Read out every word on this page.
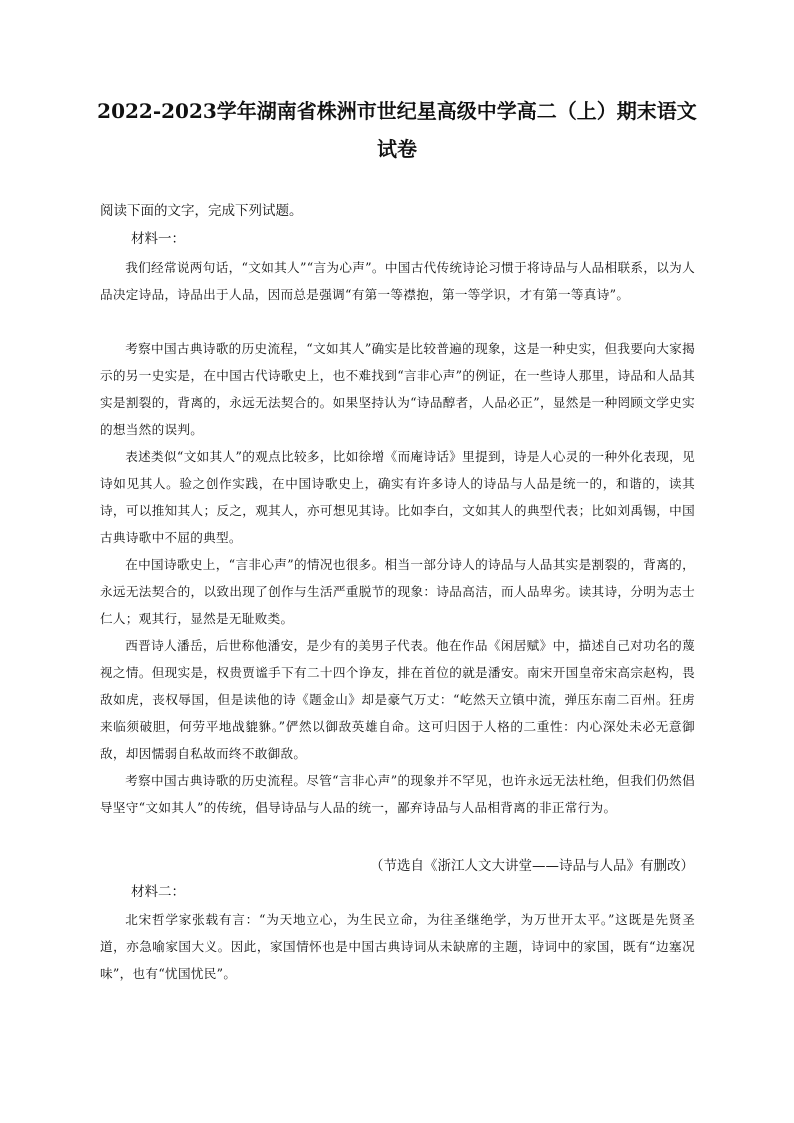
2022-2023学年湖南省株洲市世纪星高级中学高二（上）期末语文试卷

阅读下面的文字，完成下列试题。

材料一：

我们经常说两句话，“文如其人”“言为心声”。中国古代传统诗论习惯于将诗品与人品相联系，以为人品决定诗品，诗品出于人品，因而总是强调“有第一等襟抱，第一等学识，才有第一等真诗”。

考察中国古典诗歌的历史流程，“文如其人”确实是比较普遍的现象，这是一种史实，但我要向大家揭示的另一史实是，在中国古代诗歌史上，也不难找到“言非心声”的例证，在一些诗人那里，诗品和人品其实是割裂的，背离的，永远无法契合的。如果坚持认为“诗品醇者，人品必正”，显然是一种罔顾文学史实的想当然的误判。

表述类似“文如其人”的观点比较多，比如徐增《而庵诗话》里提到，诗是人心灵的一种外化表现，见诗如见其人。验之创作实践，在中国诗歌史上，确实有许多诗人的诗品与人品是统一的，和谐的，读其诗，可以推知其人；反之，观其人，亦可想见其诗。比如李白，文如其人的典型代表；比如刘禹锡，中国古典诗歌中不屈的典型。

在中国诗歌史上，“言非心声”的情况也很多。相当一部分诗人的诗品与人品其实是割裂的，背离的，永远无法契合的，以致出现了创作与生活严重脱节的现象：诗品高洁，而人品卑劣。读其诗，分明为志士仁人；观其行，显然是无耻败类。

西晋诗人潘岳，后世称他潘安，是少有的美男子代表。他在作品《闲居赋》中，描述自己对功名的蔑视之情。但现实是，权贵贾谧手下有二十四个诤友，排在首位的就是潘安。南宋开国皇帝宋高宗赵构，畏敌如虎，丧权辱国，但是读他的诗《题金山》却是豪气万丈：“屹然天立镇中流，弹压东南二百州。狂虏来临须破胆，何劳平地战貔貅。”俨然以御敌英雄自命。这可归因于人格的二重性：内心深处未必无意御敌，却因懦弱自私故而终不敢御敌。

考察中国古典诗歌的历史流程。尽管“言非心声”的现象并不罕见，也许永远无法杜绝，但我们仍然倡导坚守“文如其人”的传统，倡导诗品与人品的统一，鄙弃诗品与人品相背离的非正常行为。

（节选自《浙江人文大讲堂——诗品与人品》有删改）

材料二：

北宋哲学家张载有言：“为天地立心，为生民立命，为往圣继绝学，为万世开太平。”这既是先贤圣道，亦急喻家国大义。因此，家国情怀也是中国古典诗词从未缺席的主题，诗词中的家国，既有“边塞况味”，也有“忧国忧民”。
